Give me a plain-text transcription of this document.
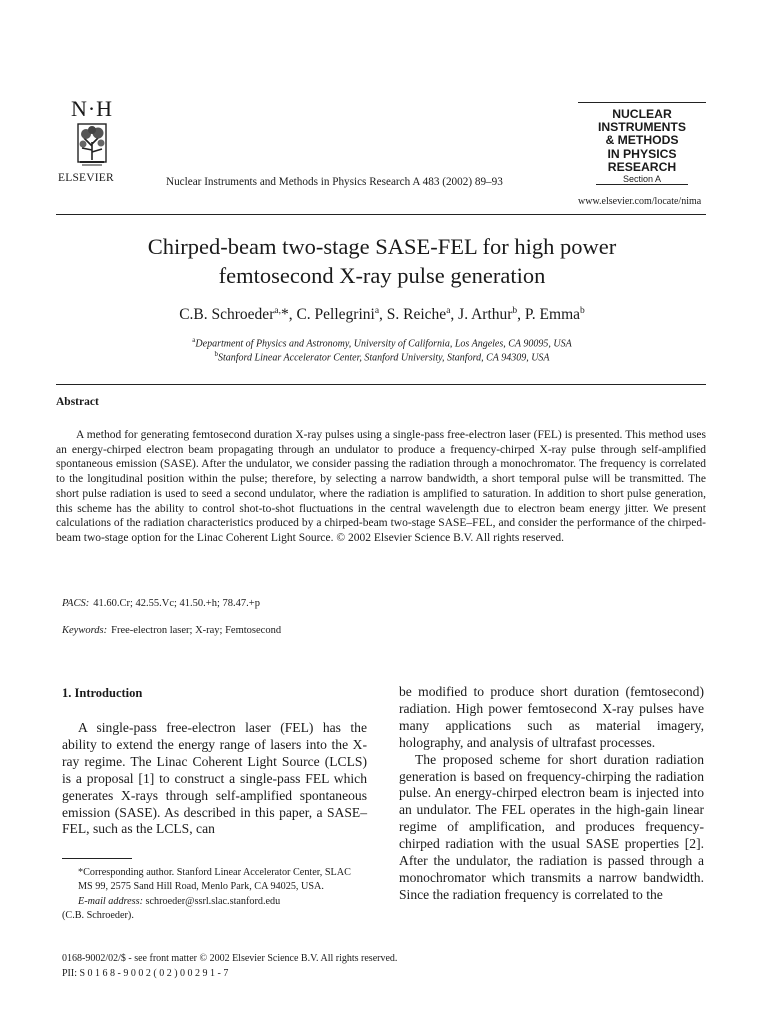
N·H
ELSEVIER	Nuclear Instruments and Methods in Physics Research A 483 (2002) 89–93
NUCLEAR
INSTRUMENTS
& METHODS
IN PHYSICS
RESEARCH
Section A
www.elsevier.com/locate/nima
Chirped-beam two-stage SASE-FEL for high power
femtosecond X-ray pulse generation
C.B. Schroeder$^{a,}$*, C. Pellegrini$^a$, S. Reiche$^a$, J. Arthur$^b$, P. Emma$^b$
$^a$Department of Physics and Astronomy, University of California, Los Angeles, CA 90095, USA
$^b$Stanford Linear Accelerator Center, Stanford University, Stanford, CA 94309, USA
Abstract
A method for generating femtosecond duration X-ray pulses using a single-pass free-electron laser (FEL) is presented. This method uses an energy-chirped electron beam propagating through an undulator to produce a frequency-chirped X-ray pulse through self-amplified spontaneous emission (SASE). After the undulator, we consider passing the radiation through a monochromator. The frequency is correlated to the longitudinal position within the pulse; therefore, by selecting a narrow bandwidth, a short temporal pulse will be transmitted. The short pulse radiation is used to seed a second undulator, where the radiation is amplified to saturation. In addition to short pulse generation, this scheme has the ability to control shot-to-shot fluctuations in the central wavelength due to electron beam energy jitter. We present calculations of the radiation characteristics produced by a chirped-beam two-stage SASE–FEL, and consider the performance of the chirped-beam two-stage option for the Linac Coherent Light Source. © 2002 Elsevier Science B.V. All rights reserved.
PACS: 41.60.Cr; 42.55.Vc; 41.50.+h; 78.47.+p
Keywords: Free-electron laser; X-ray; Femtosecond
1. Introduction

A single-pass free-electron laser (FEL) has the ability to extend the energy range of lasers into the X-ray regime. The Linac Coherent Light Source (LCLS) is a proposal [1] to construct a single-pass FEL which generates X-rays through self-amplified spontaneous emission (SASE). As described in this paper, a SASE–FEL, such as the LCLS, can

be modified to produce short duration (femtosecond) radiation. High power femtosecond X-ray pulses have many applications such as material imagery, holography, and analysis of ultrafast processes.

The proposed scheme for short duration radiation generation is based on frequency-chirping the radiation pulse. An energy-chirped electron beam is injected into an undulator. The FEL operates in the high-gain linear regime of amplification, and produces frequency-chirped radiation with the usual SASE properties [2]. After the undulator, the radiation is passed through a monochromator which transmits a narrow bandwidth. Since the radiation frequency is correlated to the

*Corresponding author. Stanford Linear Accelerator Center, SLAC MS 99, 2575 Sand Hill Road, Menlo Park, CA 94025, USA.

E-mail address: schroeder@ssrl.slac.stanford.edu

(C.B. Schroeder).

0168-9002/02/$ - see front matter © 2002 Elsevier Science B.V. All rights reserved.
PII: S 0 1 6 8 - 9 0 0 2 ( 0 2 ) 0 0 2 9 1 - 7
